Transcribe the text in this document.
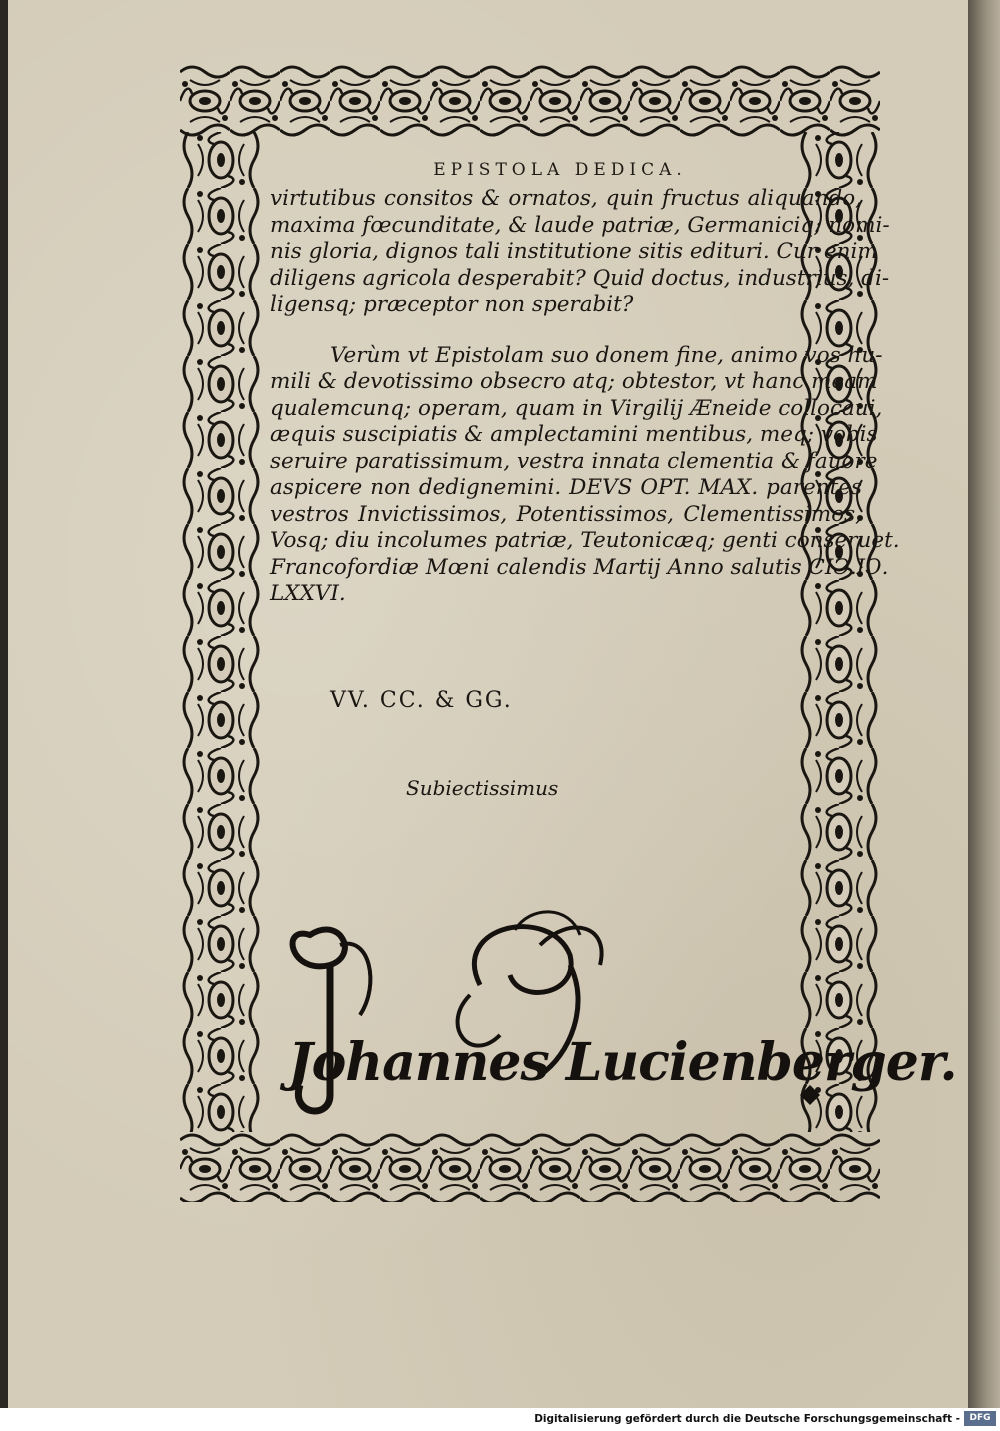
EPISTOLA DEDICA.

virtutibus consitos & ornatos, quin fructus aliquando,
maxima fœcunditate, & laude patriæ, Germaniciq; nomi-
nis gloria, dignos tali institutione sitis edituri. Cur enim
diligens agricola desperabit? Quid doctus, industrius, di-
ligensq; præceptor non sperabit?

Verùm vt Epistolam suo donem fine, animo vos hu-
mili & devotissimo obsecro atq; obtestor, vt hanc meam
qualemcunq; operam, quam in Virgilij Æneide collocaui,
æquis suscipiatis & amplectamini mentibus, meq; vobis
seruire paratissimum, vestra innata clementia & fauore
aspicere non dedignemini. DEVS OPT. MAX. parentes
vestros Invictissimos, Potentissimos, Clementissimos,
Vosq; diu incolumes patriæ, Teutonicæq; genti conseruet.
Francofordiæ Mœni calendis Martij Anno salutis CIↃ.IↃ.
LXXVI.

VV. CC. & GG.
Subiectissimus
Johannes Lucienberger.
Digitalisierung gefördert durch die Deutsche Forschungsgemeinschaft -	DFG
